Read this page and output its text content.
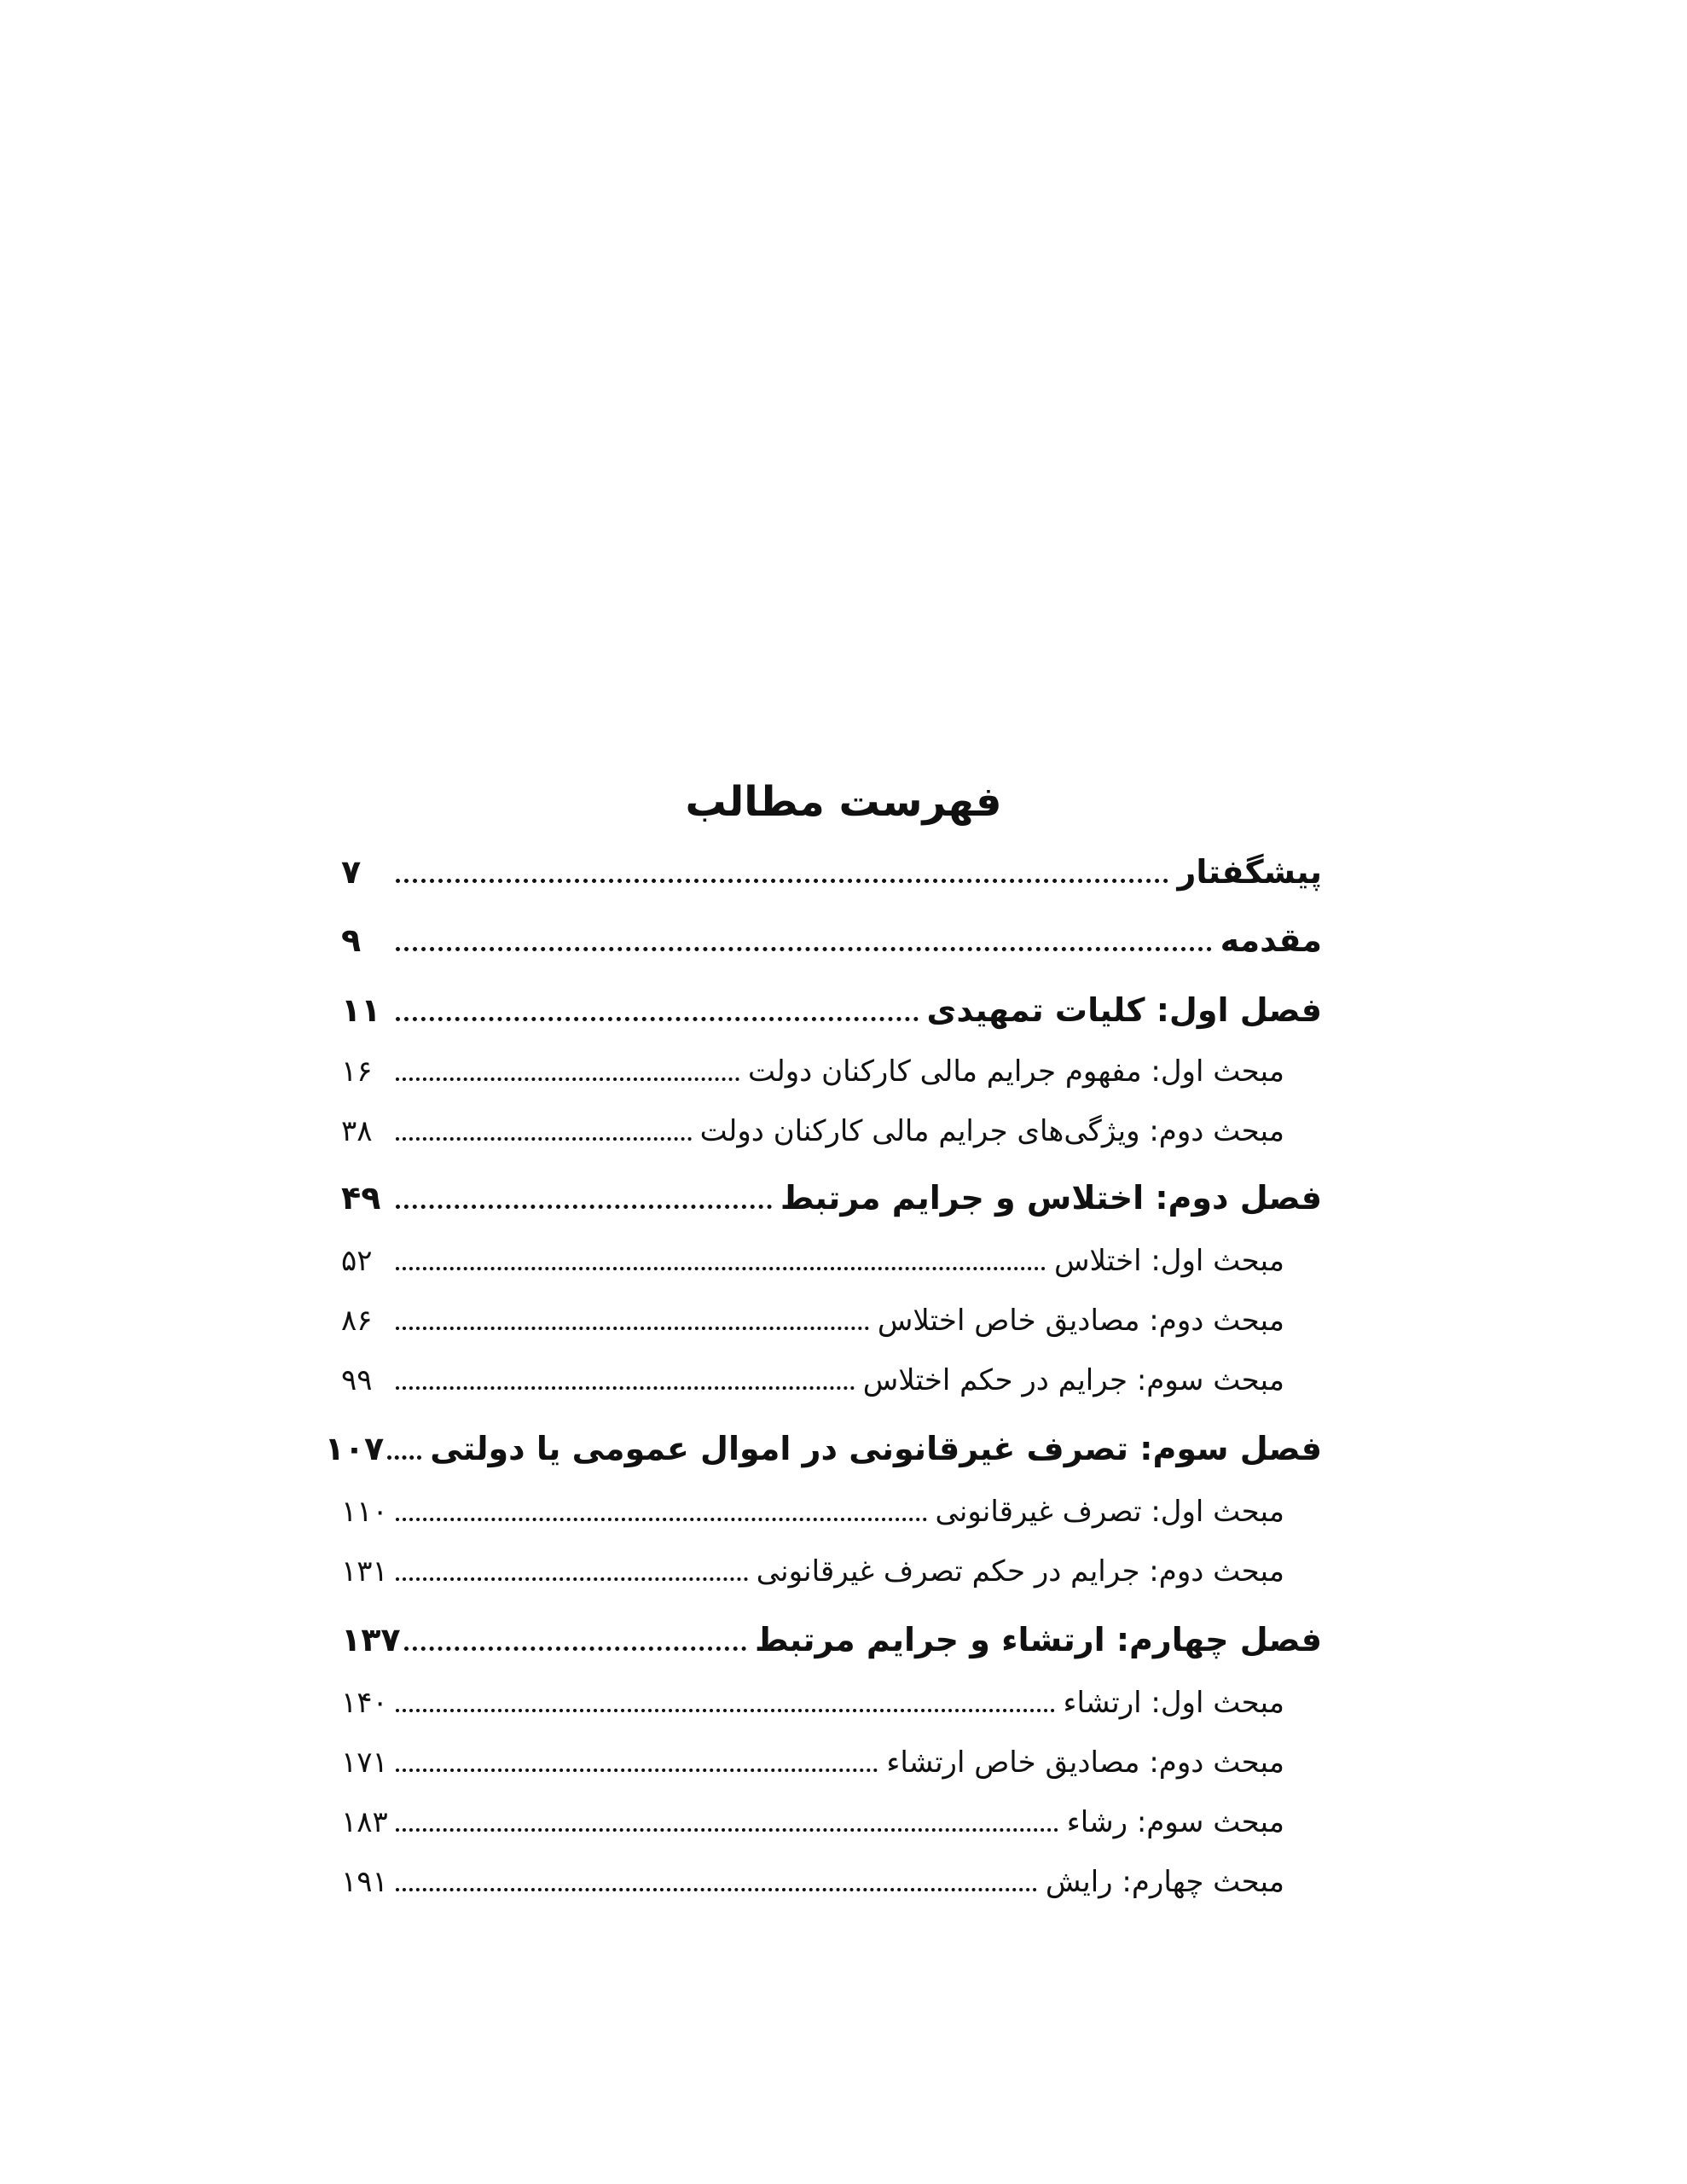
فهرست مطالب
پیشگفتار
۷
مقدمه
۹
فصل اول: کلیات تمهیدی
۱۱
مبحث اول: مفهوم جرایم مالی کارکنان دولت
۱۶
مبحث دوم: ویژگی‌های جرایم مالی کارکنان دولت
۳۸
فصل دوم: اختلاس و جرایم مرتبط
۴۹
مبحث اول: اختلاس
۵۲
مبحث دوم: مصادیق خاص اختلاس
۸۶
مبحث سوم: جرایم در حکم اختلاس
۹۹
فصل سوم: تصرف غیرقانونی در اموال عمومی یا دولتی
۱۰۷
مبحث اول: تصرف غیرقانونی
۱۱۰
مبحث دوم: جرایم در حکم تصرف غیرقانونی
۱۳۱
فصل چهارم: ارتشاء و جرایم مرتبط
۱۳۷
مبحث اول: ارتشاء
۱۴۰
مبحث دوم: مصادیق خاص ارتشاء
۱۷۱
مبحث سوم: رشاء
۱۸۳
مبحث چهارم: رایش
۱۹۱
